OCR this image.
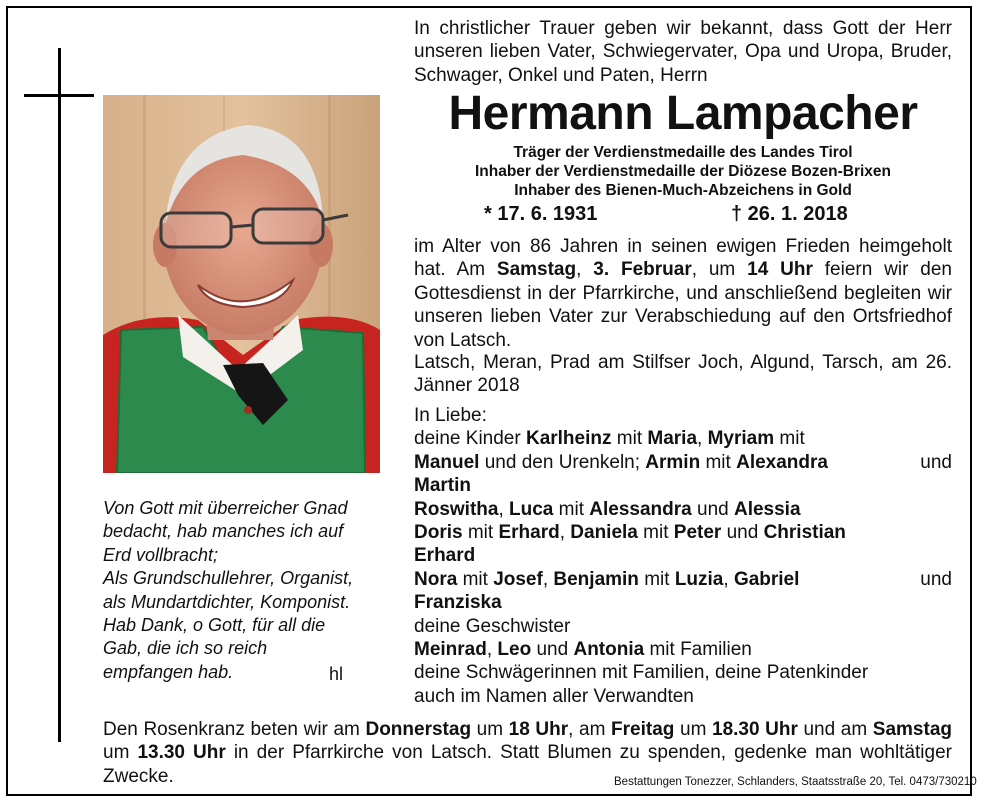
Von Gott mit überreicher Gnad
bedacht, hab manches ich auf
Erd vollbracht;
Als Grundschullehrer, Organist,
als Mundartdichter, Komponist.
Hab Dank, o Gott, für all die
Gab, die ich so reich
empfangen hab.	hl
In christlicher Trauer geben wir bekannt, dass Gott der Herr unseren lieben Vater, Schwiegervater, Opa und Uropa, Bruder, Schwager, Onkel und Paten, Herrn
Hermann Lampacher
Träger der Verdienstmedaille des Landes Tirol
Inhaber der Verdienstmedaille der Diözese Bozen-Brixen
Inhaber des Bienen-Much-Abzeichens in Gold
* 17. 6. 1931	† 26. 1. 2018
im Alter von 86 Jahren in seinen ewigen Frieden heimgeholt hat. Am Samstag, 3. Februar, um 14 Uhr feiern wir den Gottesdienst in der Pfarrkirche, und anschließend begleiten wir unseren lieben Vater zur Verabschiedung auf den Ortsfriedhof von Latsch.
Latsch, Meran, Prad am Stilfser Joch, Algund, Tarsch, am 26. Jänner 2018
In Liebe:
deine Kinder Karlheinz mit Maria, Myriam mit
Manuel und den Urenkeln; Armin mit Alexandra	und
Martin
Roswitha, Luca mit Alessandra und Alessia
Doris mit Erhard, Daniela mit Peter und Christian
Erhard
Nora mit Josef, Benjamin mit Luzia, Gabriel	und
Franziska
deine Geschwister
Meinrad, Leo und Antonia mit Familien
deine Schwägerinnen mit Familien, deine Patenkinder
auch im Namen aller Verwandten
Den Rosenkranz beten wir am Donnerstag um 18 Uhr, am Freitag um 18.30 Uhr und am Samstag um 13.30 Uhr in der Pfarrkirche von Latsch. Statt Blumen zu spenden, gedenke man wohltätiger Zwecke.	Bestattungen Tonezzer, Schlanders, Staatsstraße 20, Tel. 0473/730210
